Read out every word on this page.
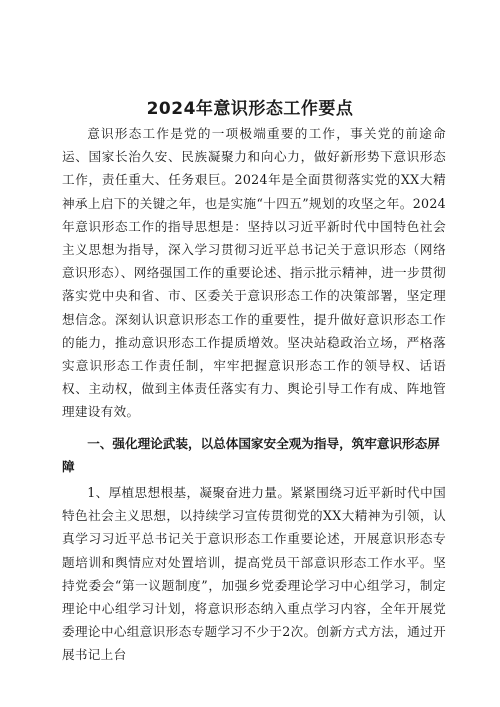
2024年意识形态工作要点

意识形态工作是党的一项极端重要的工作，事关党的前途命运、国家长治久安、民族凝聚力和向心力，做好新形势下意识形态工作，责任重大、任务艰巨。2024年是全面贯彻落实党的XX大精神承上启下的关键之年，也是实施“十四五”规划的攻坚之年。2024年意识形态工作的指导思想是：坚持以习近平新时代中国特色社会主义思想为指导，深入学习贯彻习近平总书记关于意识形态（网络意识形态）、网络强国工作的重要论述、指示批示精神，进一步贯彻落实党中央和省、市、区委关于意识形态工作的决策部署，坚定理想信念。深刻认识意识形态工作的重要性，提升做好意识形态工作的能力，推动意识形态工作提质增效。坚决站稳政治立场，严格落实意识形态工作责任制，牢牢把握意识形态工作的领导权、话语权、主动权，做到主体责任落实有力、舆论引导工作有成、阵地管理建设有效。

一、强化理论武装，以总体国家安全观为指导，筑牢意识形态屏障

1、厚植思想根基，凝聚奋进力量。紧紧围绕习近平新时代中国特色社会主义思想，以持续学习宣传贯彻党的XX大精神为引领，认真学习习近平总书记关于意识形态工作重要论述，开展意识形态专题培训和舆情应对处置培训，提高党员干部意识形态工作水平。坚持党委会“第一议题制度”，加强乡党委理论学习中心组学习，制定理论中心组学习计划，将意识形态纳入重点学习内容，全年开展党委理论中心组意识形态专题学习不少于2次。创新方式方法，通过开展书记上台
